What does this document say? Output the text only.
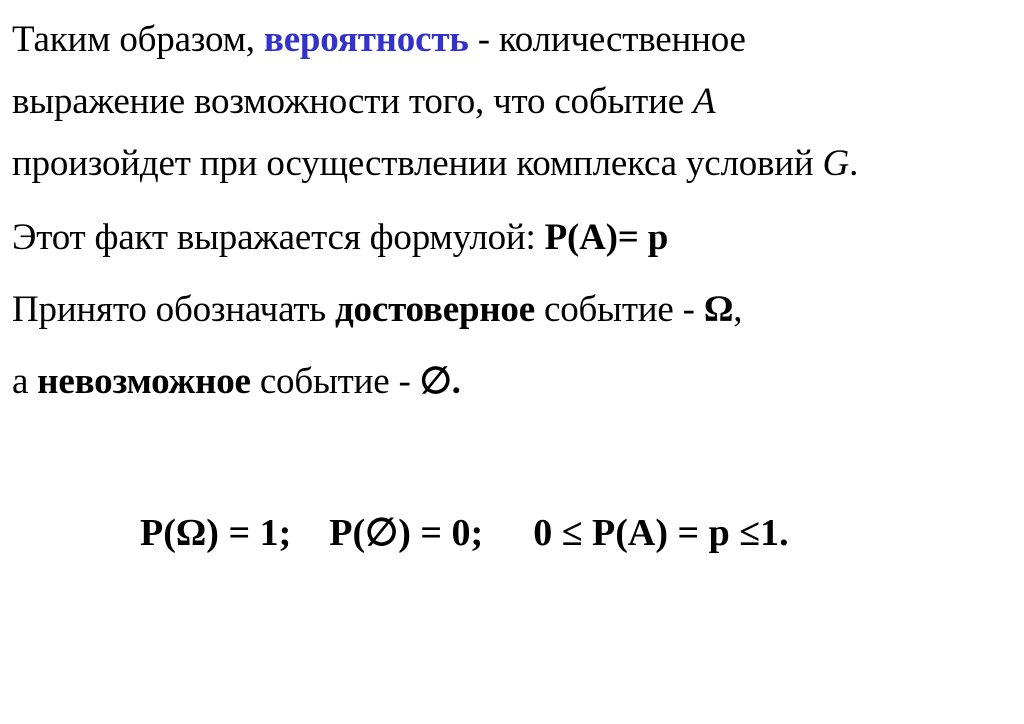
Таким образом, вероятность - количественное
выражение возможности того, что событие A
произойдет при осуществлении комплекса условий G.
Этот факт выражается формулой: P(A)= p
Принято обозначать достоверное событие - Ω,
а невозможное событие - ∅.
P(Ω) = 1; P(∅) = 0; 0 ≤ P(A) = p ≤1.
